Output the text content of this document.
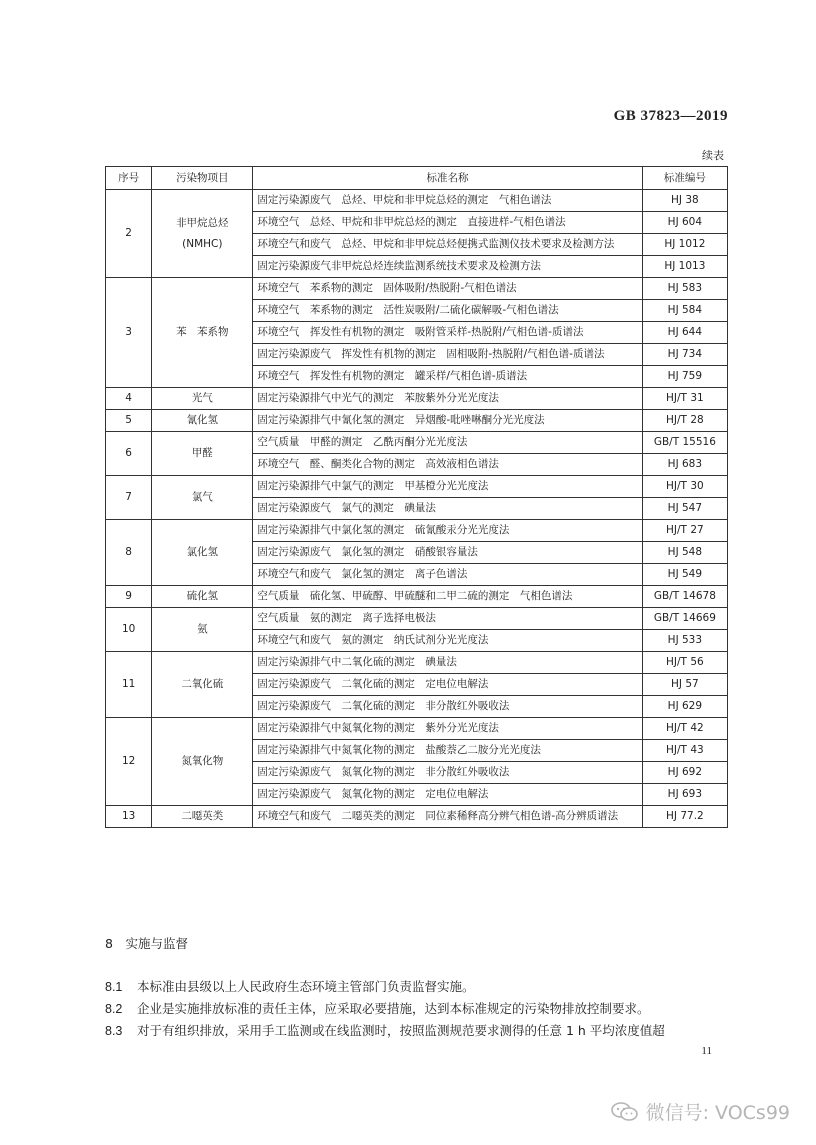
GB 37823—2019
续表
序号	污染物项目	标准名称	标准编号
2	非甲烷总烃(NMHC)	固定污染源废气　总烃、甲烷和非甲烷总烃的测定　气相色谱法	HJ 38
		环境空气　总烃、甲烷和非甲烷总烃的测定　直接进样-气相色谱法	HJ 604
		环境空气和废气　总烃、甲烷和非甲烷总烃便携式监测仪技术要求及检测方法	HJ 1012
		固定污染源废气非甲烷总烃连续监测系统技术要求及检测方法	HJ 1013
3	苯　苯系物	环境空气　苯系物的测定　固体吸附/热脱附-气相色谱法	HJ 583
		环境空气　苯系物的测定　活性炭吸附/二硫化碳解吸-气相色谱法	HJ 584
		环境空气　挥发性有机物的测定　吸附管采样-热脱附/气相色谱-质谱法	HJ 644
		固定污染源废气　挥发性有机物的测定　固相吸附-热脱附/气相色谱-质谱法	HJ 734
		环境空气　挥发性有机物的测定　罐采样/气相色谱-质谱法	HJ 759
4	光气	固定污染源排气中光气的测定　苯胺紫外分光光度法	HJ/T 31
5	氰化氢	固定污染源排气中氰化氢的测定　异烟酸-吡唑啉酮分光光度法	HJ/T 28
6	甲醛	空气质量　甲醛的测定　乙酰丙酮分光光度法	GB/T 15516
		环境空气　醛、酮类化合物的测定　高效液相色谱法	HJ 683
7	氯气	固定污染源排气中氯气的测定　甲基橙分光光度法	HJ/T 30
		固定污染源废气　氯气的测定　碘量法	HJ 547
8	氯化氢	固定污染源排气中氯化氢的测定　硫氰酸汞分光光度法	HJ/T 27
		固定污染源废气　氯化氢的测定　硝酸银容量法	HJ 548
		环境空气和废气　氯化氢的测定　离子色谱法	HJ 549
9	硫化氢	空气质量　硫化氢、甲硫醇、甲硫醚和二甲二硫的测定　气相色谱法	GB/T 14678
10	氨	空气质量　氨的测定　离子选择电极法	GB/T 14669
		环境空气和废气　氨的测定　纳氏试剂分光光度法	HJ 533
11	二氧化硫	固定污染源排气中二氧化硫的测定　碘量法	HJ/T 56
		固定污染源废气　二氧化硫的测定　定电位电解法	HJ 57
		固定污染源废气　二氧化硫的测定　非分散红外吸收法	HJ 629
12	氮氧化物	固定污染源排气中氮氧化物的测定　紫外分光光度法	HJ/T 42
		固定污染源排气中氮氧化物的测定　盐酸萘乙二胺分光光度法	HJ/T 43
		固定污染源废气　氮氧化物的测定　非分散红外吸收法	HJ 692
		固定污染源废气　氮氧化物的测定　定电位电解法	HJ 693
13	二噁英类	环境空气和废气　二噁英类的测定　同位素稀释高分辨气相色谱-高分辨质谱法	HJ 77.2
8　实施与监督
8.1 本标准由县级以上人民政府生态环境主管部门负责监督实施。
8.2 企业是实施排放标准的责任主体，应采取必要措施，达到本标准规定的污染物排放控制要求。
8.3 对于有组织排放，采用手工监测或在线监测时，按照监测规范要求测得的任意 1 h 平均浓度值超
11
微信号: VOCs99
